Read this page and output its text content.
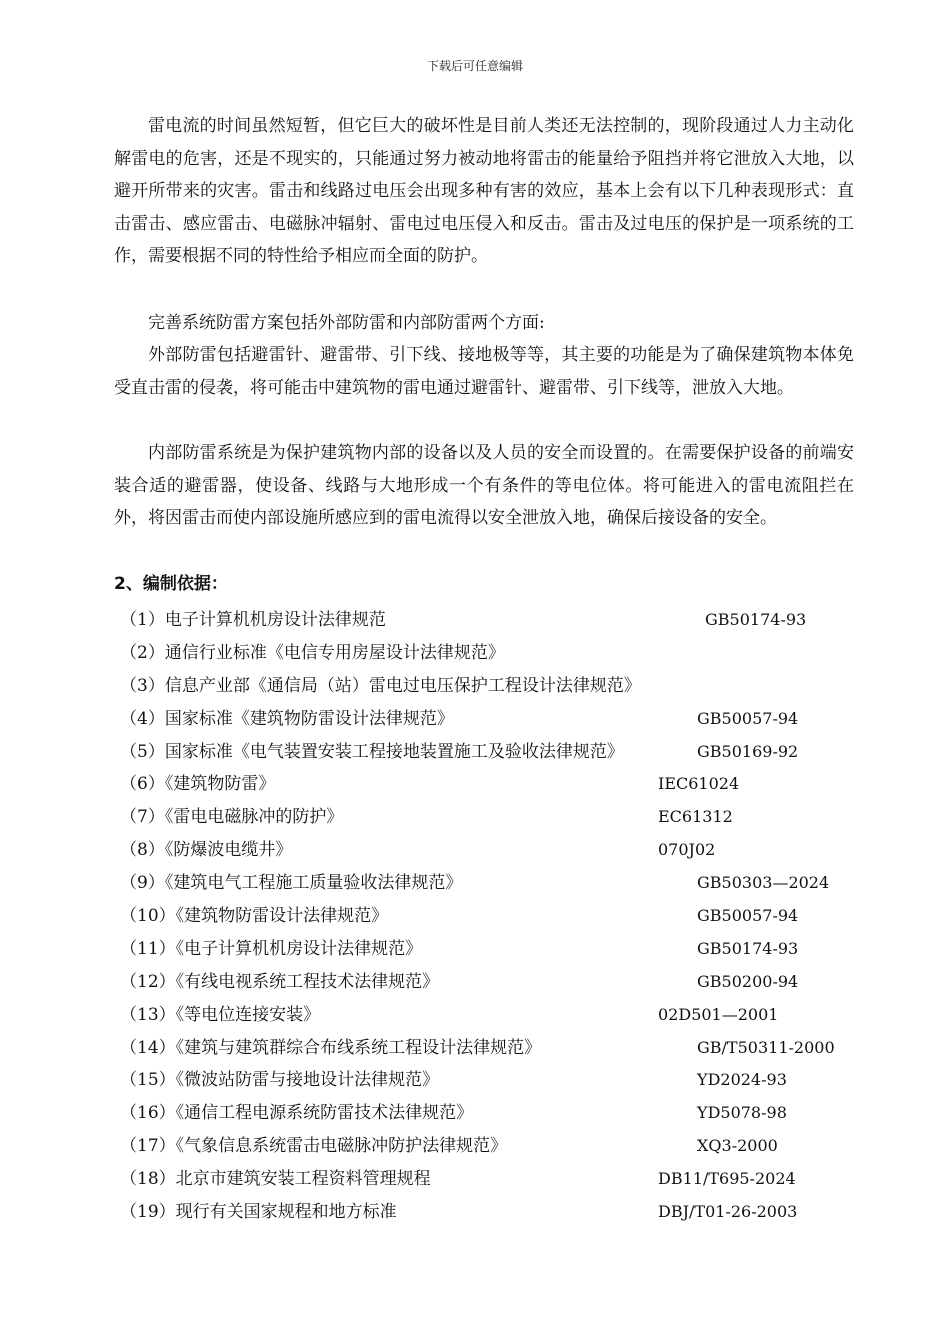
下载后可任意编辑

雷电流的时间虽然短暂，但它巨大的破坏性是目前人类还无法控制的，现阶段通过人力主动化解雷电的危害，还是不现实的，只能通过努力被动地将雷击的能量给予阻挡并将它泄放入大地，以避开所带来的灾害。雷击和线路过电压会出现多种有害的效应，基本上会有以下几种表现形式：直击雷击、感应雷击、电磁脉冲辐射、雷电过电压侵入和反击。雷击及过电压的保护是一项系统的工作，需要根据不同的特性给予相应而全面的防护。

完善系统防雷方案包括外部防雷和内部防雷两个方面:

外部防雷包括避雷针、避雷带、引下线、接地极等等，其主要的功能是为了确保建筑物本体免受直击雷的侵袭，将可能击中建筑物的雷电通过避雷针、避雷带、引下线等，泄放入大地。

内部防雷系统是为保护建筑物内部的设备以及人员的安全而设置的。在需要保护设备的前端安装合适的避雷器，使设备、线路与大地形成一个有条件的等电位体。将可能进入的雷电流阻拦在外，将因雷击而使内部设施所感应到的雷电流得以安全泄放入地，确保后接设备的安全。

2、编制依据：
（1）电子计算机机房设计法律规范	GB50174-93
（2）通信行业标准《电信专用房屋设计法律规范》
（3）信息产业部《通信局（站）雷电过电压保护工程设计法律规范》
（4）国家标准《建筑物防雷设计法律规范》	GB50057-94
（5）国家标准《电气装置安装工程接地装置施工及验收法律规范》	GB50169-92
（6）《建筑物防雷》	IEC61024
（7）《雷电电磁脉冲的防护》	EC61312
（8）《防爆波电缆井》	070J02
（9）《建筑电气工程施工质量验收法律规范》	GB50303—2024
（10）《建筑物防雷设计法律规范》	GB50057-94
（11）《电子计算机机房设计法律规范》	GB50174-93
（12）《有线电视系统工程技术法律规范》	GB50200-94
（13）《等电位连接安装》	02D501—2001
（14）《建筑与建筑群综合布线系统工程设计法律规范》	GB/T50311-2000
（15）《微波站防雷与接地设计法律规范》	YD2024-93
（16）《通信工程电源系统防雷技术法律规范》	YD5078-98
（17）《气象信息系统雷击电磁脉冲防护法律规范》	XQ3-2000
（18）北京市建筑安装工程资料管理规程	DB11/T695-2024
（19）现行有关国家规程和地方标准	DBJ/T01-26-2003
